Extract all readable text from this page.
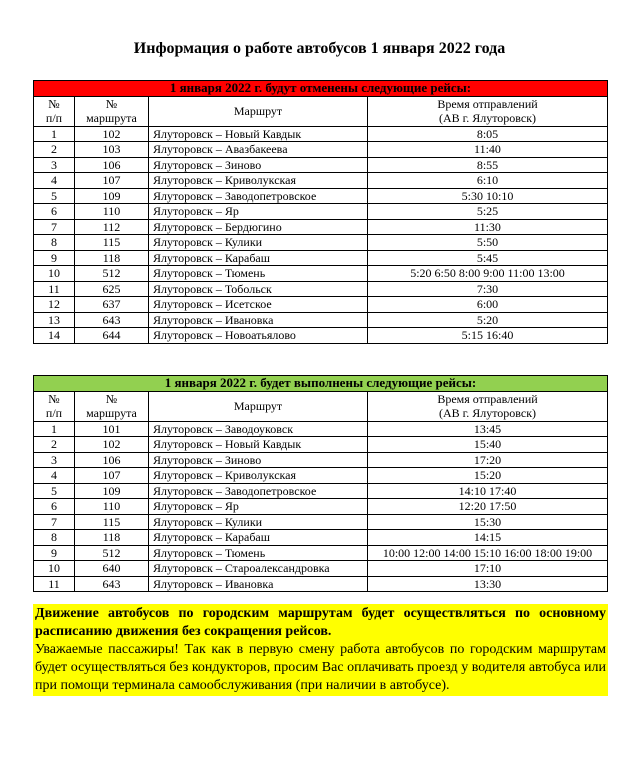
Информация о работе автобусов 1 января 2022 года
1 января 2022 г. будут отменены следующие рейсы:			
№
п/п	№
маршрута	Маршрут	Время отправлений
(АВ г. Ялуторовск)
1	102	Ялуторовск – Новый Кавдык	8:05
2	103	Ялуторовск – Авазбакеева	11:40
3	106	Ялуторовск – Зиново	8:55
4	107	Ялуторовск – Криволукская	6:10
5	109	Ялуторовск – Заводопетровское	5:30 10:10
6	110	Ялуторовск – Яр	5:25
7	112	Ялуторовск – Бердюгино	11:30
8	115	Ялуторовск – Кулики	5:50
9	118	Ялуторовск – Карабаш	5:45
10	512	Ялуторовск – Тюмень	5:20 6:50 8:00 9:00 11:00 13:00
11	625	Ялуторовск – Тобольск	7:30
12	637	Ялуторовск – Исетское	6:00
13	643	Ялуторовск – Ивановка	5:20
14	644	Ялуторовск – Новоатьялово	5:15 16:40
1 января 2022 г. будет выполнены следующие рейсы:			
№
п/п	№
маршрута	Маршрут	Время отправлений
(АВ г. Ялуторовск)
1	101	Ялуторовск – Заводоуковск	13:45
2	102	Ялуторовск – Новый Кавдык	15:40
3	106	Ялуторовск – Зиново	17:20
4	107	Ялуторовск – Криволукская	15:20
5	109	Ялуторовск – Заводопетровское	14:10 17:40
6	110	Ялуторовск – Яр	12:20 17:50
7	115	Ялуторовск – Кулики	15:30
8	118	Ялуторовск – Карабаш	14:15
9	512	Ялуторовск – Тюмень	10:00 12:00 14:00 15:10 16:00 18:00 19:00
10	640	Ялуторовск – Староалександровка	17:10
11	643	Ялуторовск – Ивановка	13:30
Движение автобусов по городским маршрутам будет осуществляться по основному расписанию движения без сокращения рейсов.
Уважаемые пассажиры! Так как в первую смену работа автобусов по городским маршрутам будет осуществляться без кондукторов, просим Вас оплачивать проезд у водителя автобуса или при помощи терминала самообслуживания (при наличии в автобусе).
